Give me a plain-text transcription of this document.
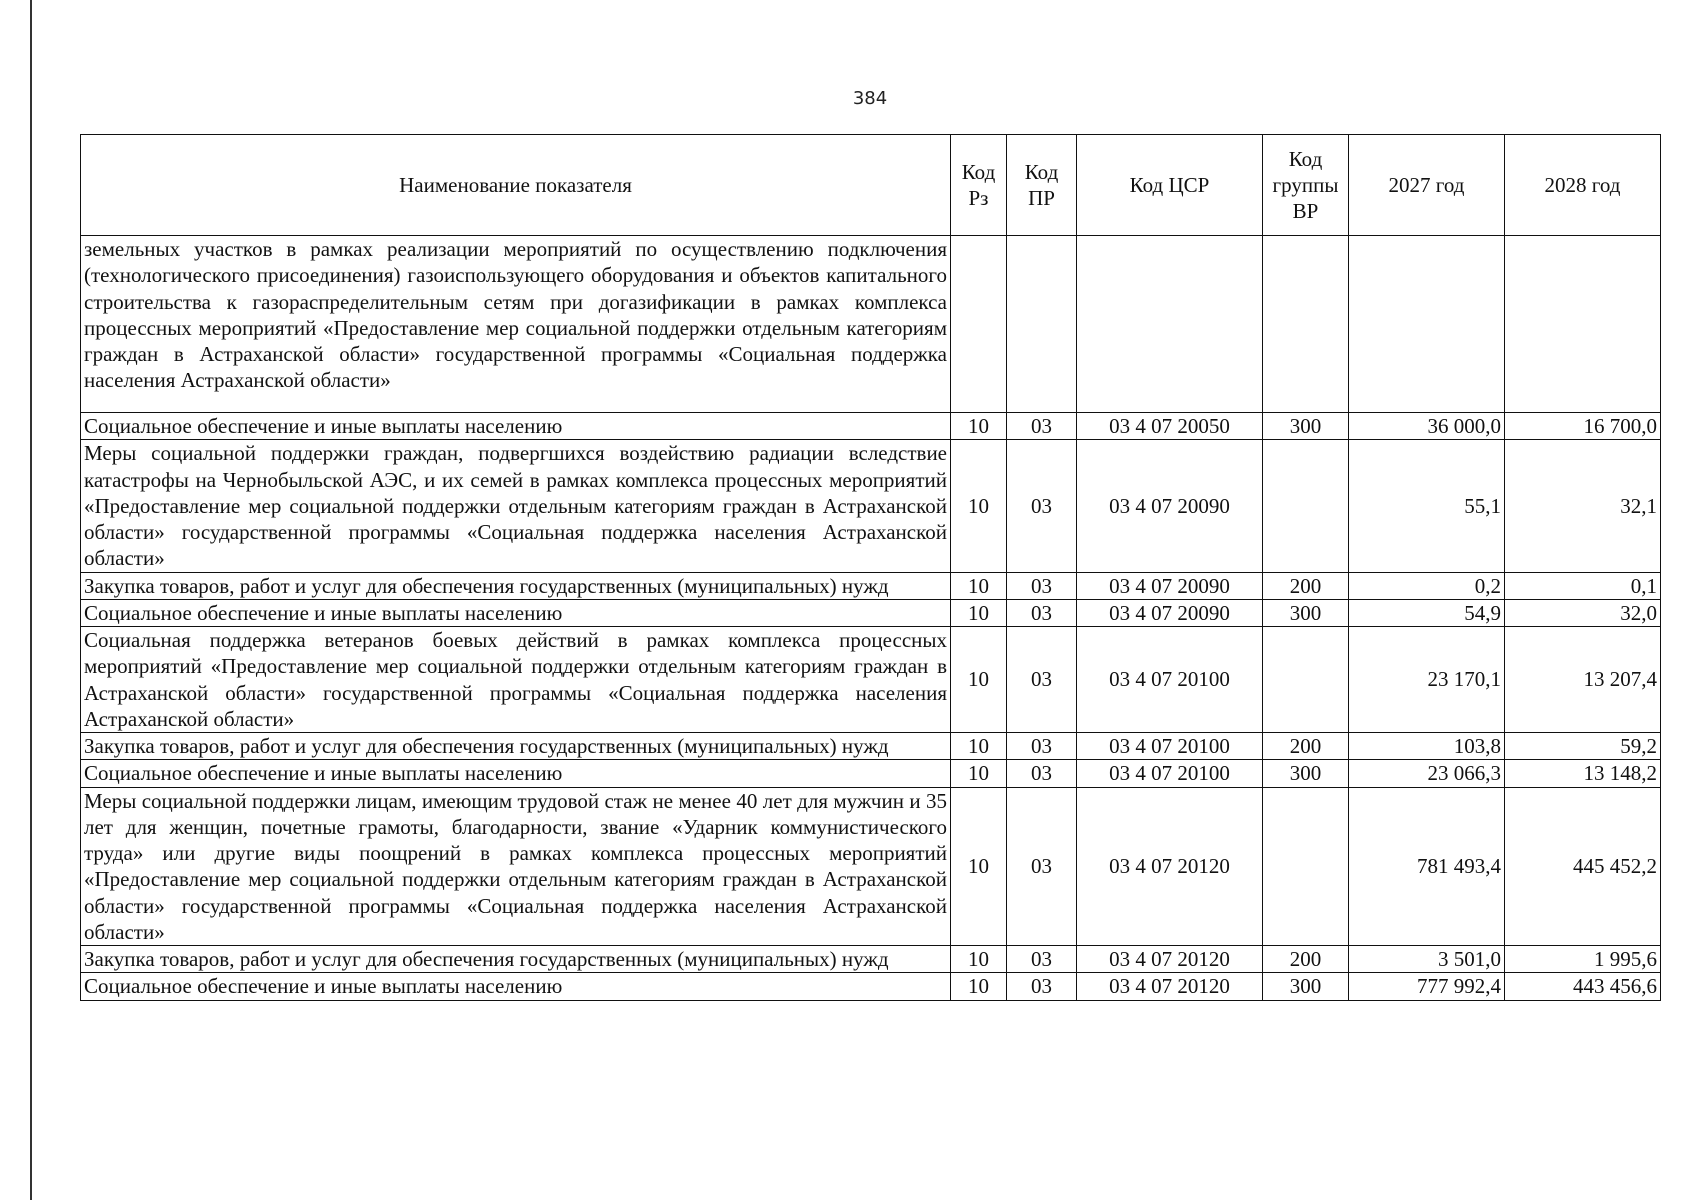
384
Наименование показателя	Код Рз	Код ПР	Код ЦСР	Код группы ВР	2027 год	2028 год
земельных участков в рамках реализации мероприятий по осуществлению подключения (технологического присоединения) газоиспользующего оборудования и объектов капитального строительства к газораспределительным сетям при догазификации в рамках комплекса процессных мероприятий «Предоставление мер социальной поддержки отдельным категориям граждан в Астраханской области» государственной программы «Социальная поддержка населения Астраханской области»						
Социальное обеспечение и иные выплаты населению	10	03	03 4 07 20050	300	36 000,0	16 700,0
Меры социальной поддержки граждан, подвергшихся воздействию радиации вследствие катастрофы на Чернобыльской АЭС, и их семей в рамках комплекса процессных мероприятий «Предоставление мер социальной поддержки отдельным категориям граждан в Астраханской области» государственной программы «Социальная поддержка населения Астраханской области»	10	03	03 4 07 20090		55,1	32,1
Закупка товаров, работ и услуг для обеспечения государственных (муниципальных) нужд	10	03	03 4 07 20090	200	0,2	0,1
Социальное обеспечение и иные выплаты населению	10	03	03 4 07 20090	300	54,9	32,0
Социальная поддержка ветеранов боевых действий в рамках комплекса процессных мероприятий «Предоставление мер социальной поддержки отдельным категориям граждан в Астраханской области» государственной программы «Социальная поддержка населения Астраханской области»	10	03	03 4 07 20100		23 170,1	13 207,4
Закупка товаров, работ и услуг для обеспечения государственных (муниципальных) нужд	10	03	03 4 07 20100	200	103,8	59,2
Социальное обеспечение и иные выплаты населению	10	03	03 4 07 20100	300	23 066,3	13 148,2
Меры социальной поддержки лицам, имеющим трудовой стаж не менее 40 лет для мужчин и 35 лет для женщин, почетные грамоты, благодарности, звание «Ударник коммунистического труда» или другие виды поощрений в рамках комплекса процессных мероприятий «Предоставление мер социальной поддержки отдельным категориям граждан в Астраханской области» государственной программы «Социальная поддержка населения Астраханской области»	10	03	03 4 07 20120		781 493,4	445 452,2
Закупка товаров, работ и услуг для обеспечения государственных (муниципальных) нужд	10	03	03 4 07 20120	200	3 501,0	1 995,6
Социальное обеспечение и иные выплаты населению	10	03	03 4 07 20120	300	777 992,4	443 456,6
